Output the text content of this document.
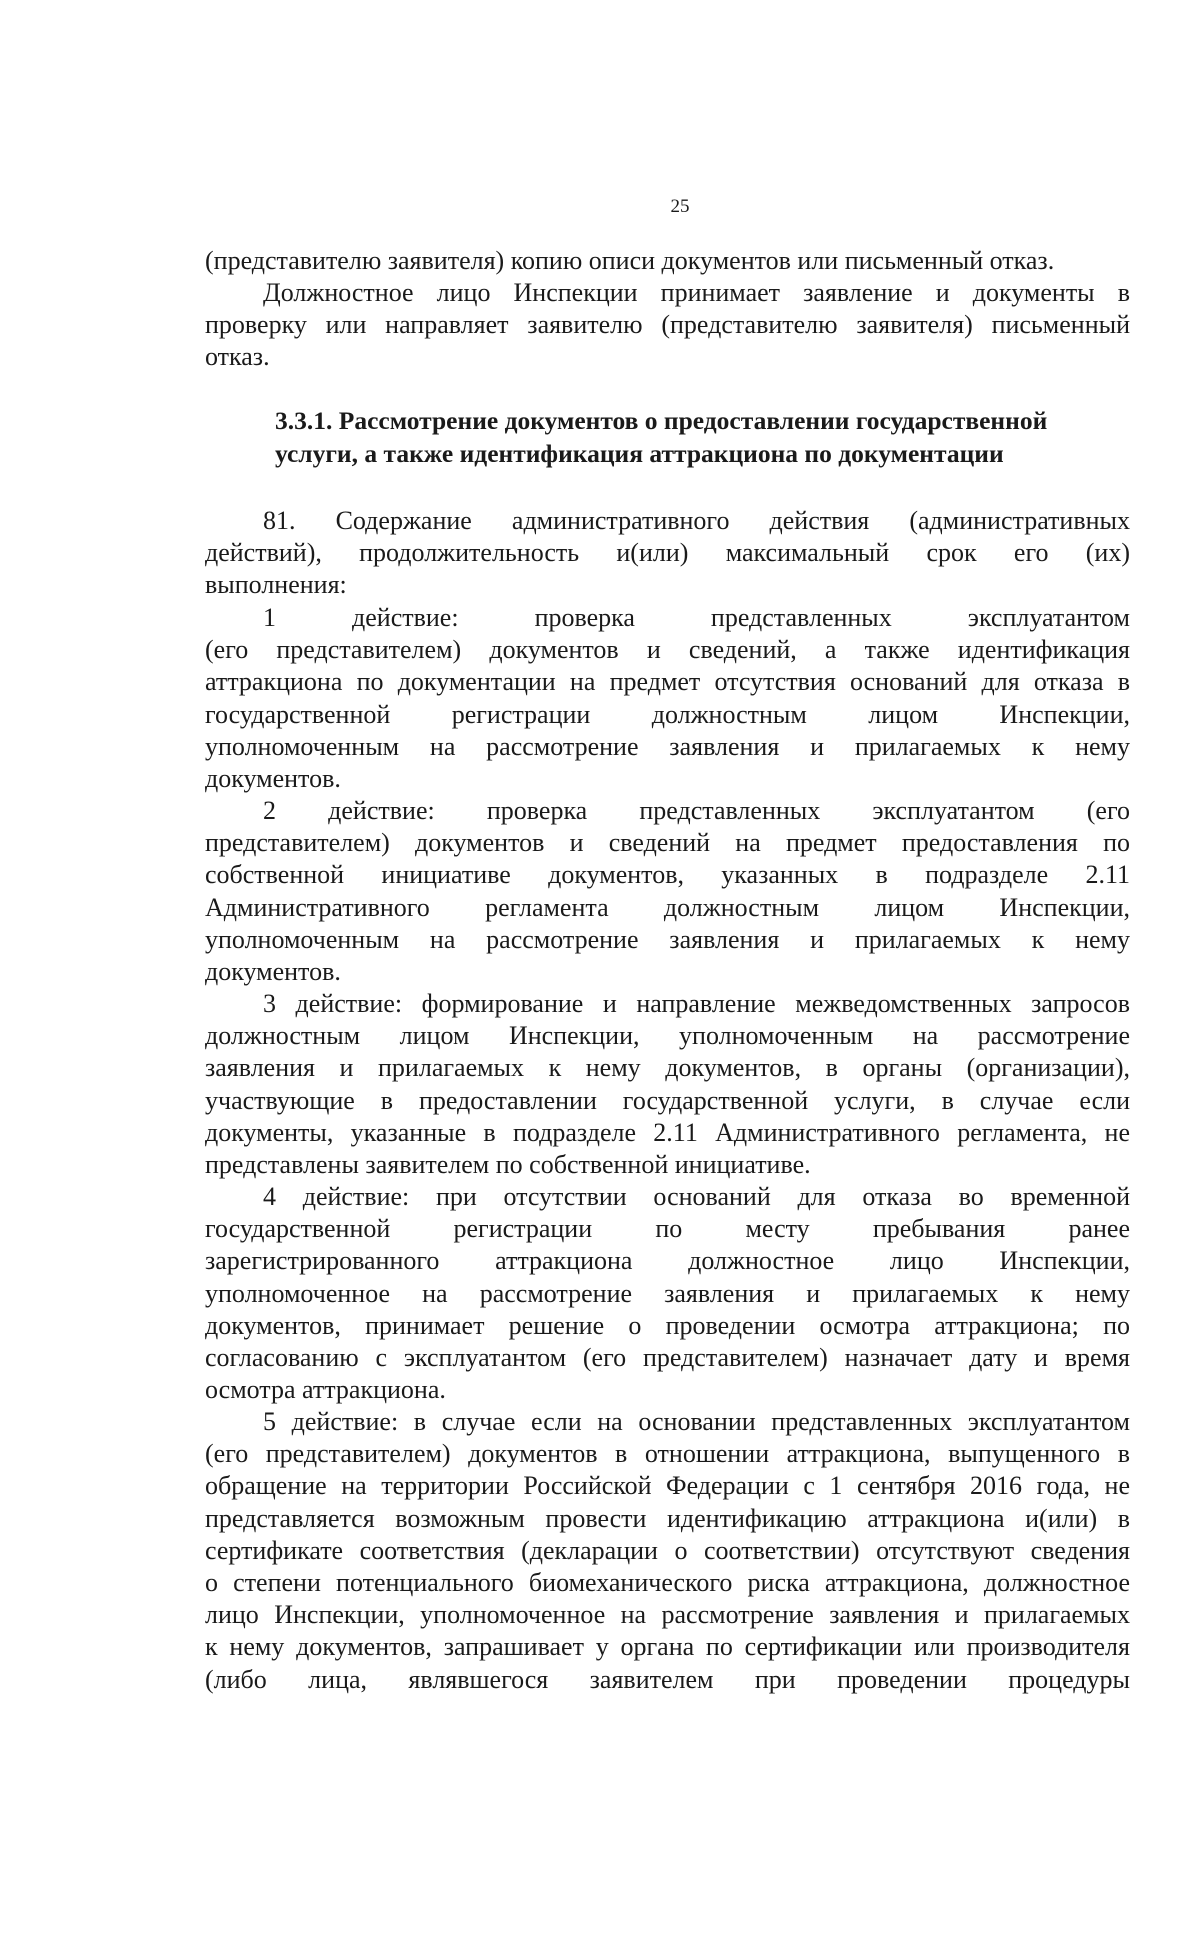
25

(представителю заявителя) копию описи документов или письменный отказ.

Должностное лицо Инспекции принимает заявление и документы в

проверку или направляет заявителю (представителю заявителя) письменный

отказ.

3.3.1. Рассмотрение документов о предоставлении государственной
услуги, а также идентификация аттракциона по документации

81. Содержание административного действия (административных

действий), продолжительность и(или) максимальный срок его (их)

выполнения:

1 действие: проверка представленных эксплуатантом

(его представителем) документов и сведений, а также идентификация

аттракциона по документации на предмет отсутствия оснований для отказа в

государственной регистрации должностным лицом Инспекции,

уполномоченным на рассмотрение заявления и прилагаемых к нему

документов.

2 действие: проверка представленных эксплуатантом (его

представителем) документов и сведений на предмет предоставления по

собственной инициативе документов, указанных в подразделе 2.11

Административного регламента должностным лицом Инспекции,

уполномоченным на рассмотрение заявления и прилагаемых к нему

документов.

3 действие: формирование и направление межведомственных запросов

должностным лицом Инспекции, уполномоченным на рассмотрение

заявления и прилагаемых к нему документов, в органы (организации),

участвующие в предоставлении государственной услуги, в случае если

документы, указанные в подразделе 2.11 Административного регламента, не

представлены заявителем по собственной инициативе.

4 действие: при отсутствии оснований для отказа во временной

государственной регистрации по месту пребывания ранее

зарегистрированного аттракциона должностное лицо Инспекции,

уполномоченное на рассмотрение заявления и прилагаемых к нему

документов, принимает решение о проведении осмотра аттракциона; по

согласованию с эксплуатантом (его представителем) назначает дату и время

осмотра аттракциона.

5 действие: в случае если на основании представленных эксплуатантом

(его представителем) документов в отношении аттракциона, выпущенного в

обращение на территории Российской Федерации с 1 сентября 2016 года, не

представляется возможным провести идентификацию аттракциона и(или) в

сертификате соответствия (декларации о соответствии) отсутствуют сведения

о степени потенциального биомеханического риска аттракциона, должностное

лицо Инспекции, уполномоченное на рассмотрение заявления и прилагаемых

к нему документов, запрашивает у органа по сертификации или производителя

(либо лица, являвшегося заявителем при проведении процедуры
